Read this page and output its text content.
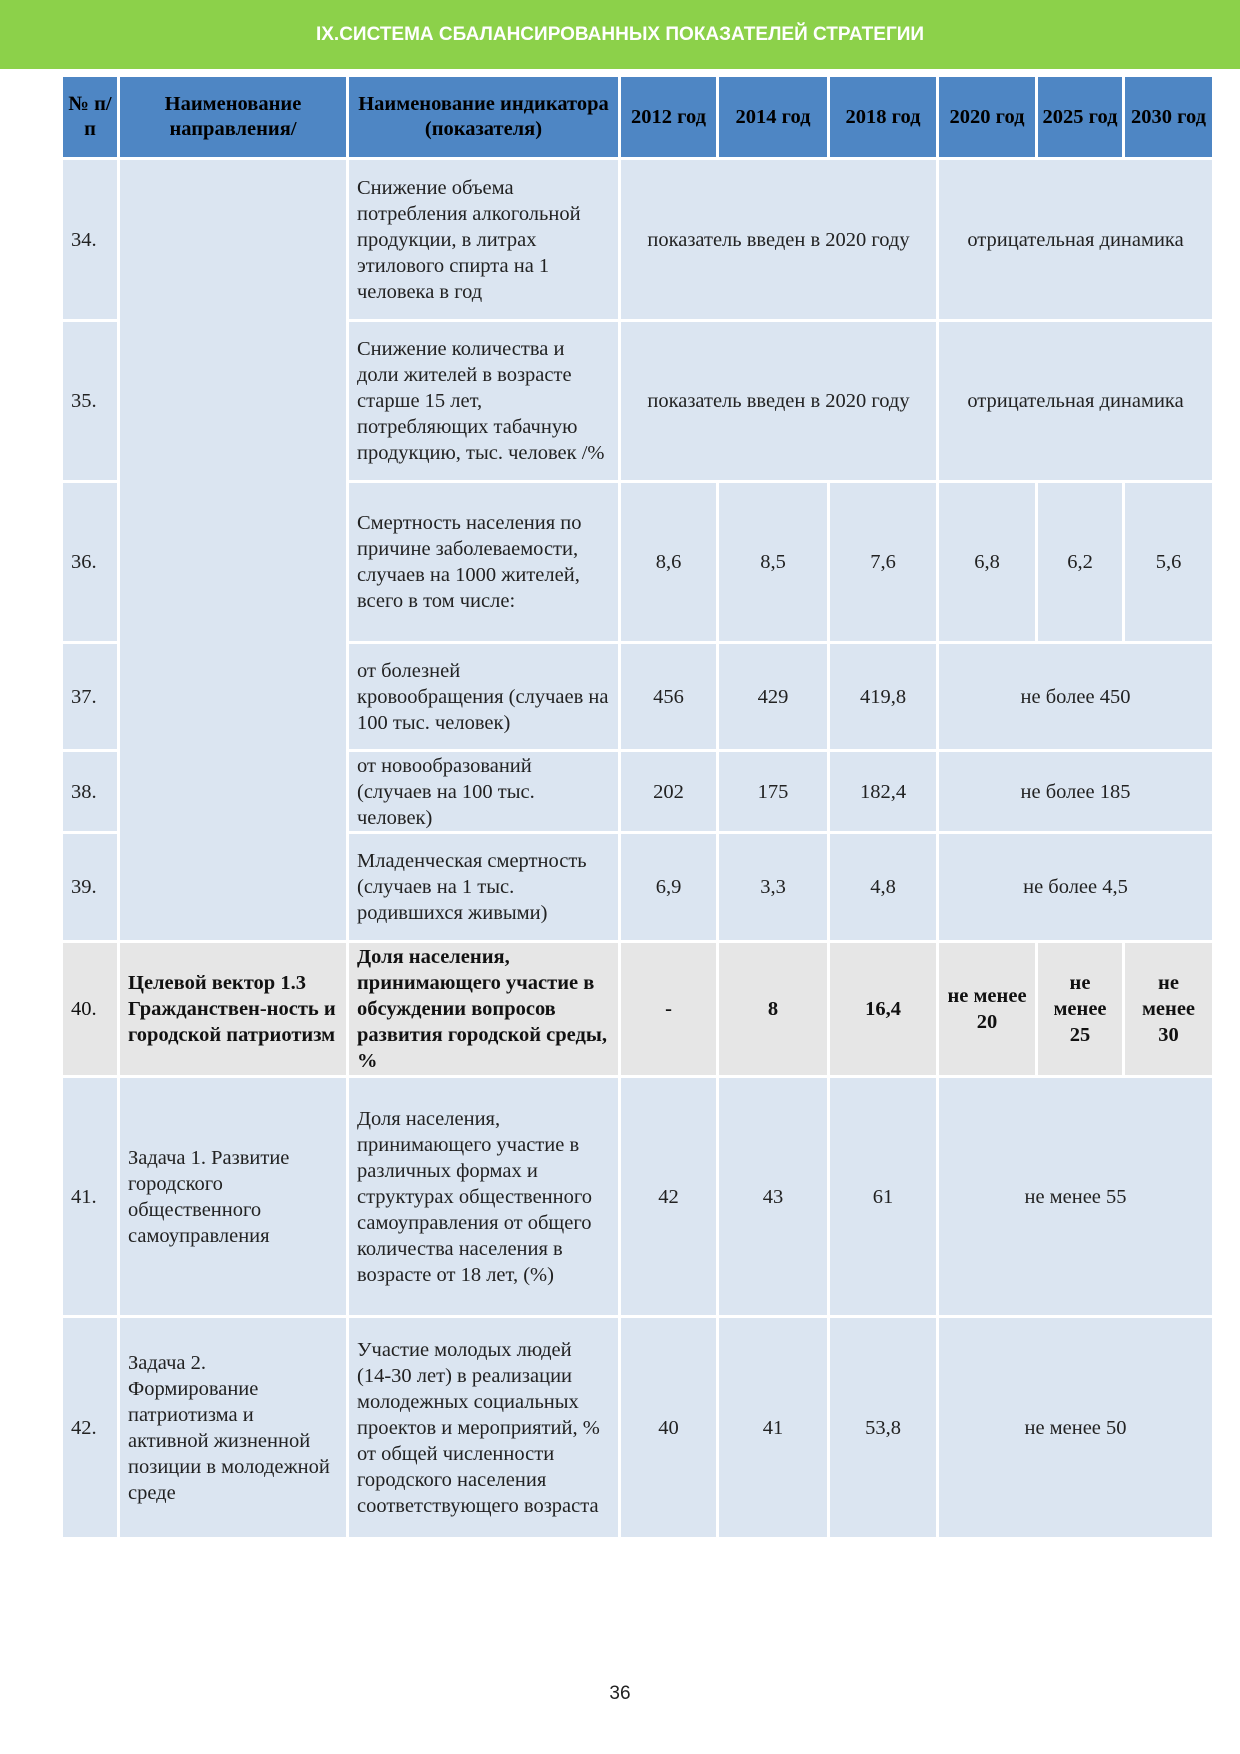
IX.СИСТЕМА СБАЛАНСИРОВАННЫХ ПОКАЗАТЕЛЕЙ СТРАТЕГИИ
№ п/п	Наименование направления/	Наименование индикатора (показателя)	2012 год	2014 год	2018 год	2020 год	2025 год	2030 год
34.		Снижение объема потребления алкогольной продукции, в литрах этилового спирта на 1 человека в год	показатель введен в 2020 году			отрицательная динамика		
35.		Снижение количества и доли жителей в возрасте старше 15 лет, потребляющих табачную продукцию, тыс. человек /%	показатель введен в 2020 году			отрицательная динамика		
36.		Смертность населения по причине заболеваемости, случаев на 1000 жителей, всего в том числе:	8,6	8,5	7,6	6,8	6,2	5,6
37.		от болезней кровообращения (случаев на 100 тыс. человек)	456	429	419,8	не более 450		
38.		от новообразований (случаев на 100 тыс. человек)	202	175	182,4	не более 185		
39.		Младенческая смертность (случаев на 1 тыс. родившихся живыми)	6,9	3,3	4,8	не более 4,5		
40.	Целевой вектор 1.3 Гражданствен-ность и городской патриотизм	Доля населения, принимающего участие в обсуждении вопросов развития городской среды, %	-	8	16,4	не менее 20	не менее 25	не менее 30
41.	Задача 1. Развитие городского общественного самоуправления	Доля населения, принимающего участие в различных формах и структурах общественного самоуправления от общего количества населения в возрасте от 18 лет, (%)	42	43	61	не менее 55		
42.	Задача 2. Формирование патриотизма и активной жизненной позиции в молодежной среде	Участие молодых людей (14-30 лет) в реализации молодежных социальных проектов и мероприятий, % от общей численности городского населения соответствующего возраста	40	41	53,8	не менее 50		
36
